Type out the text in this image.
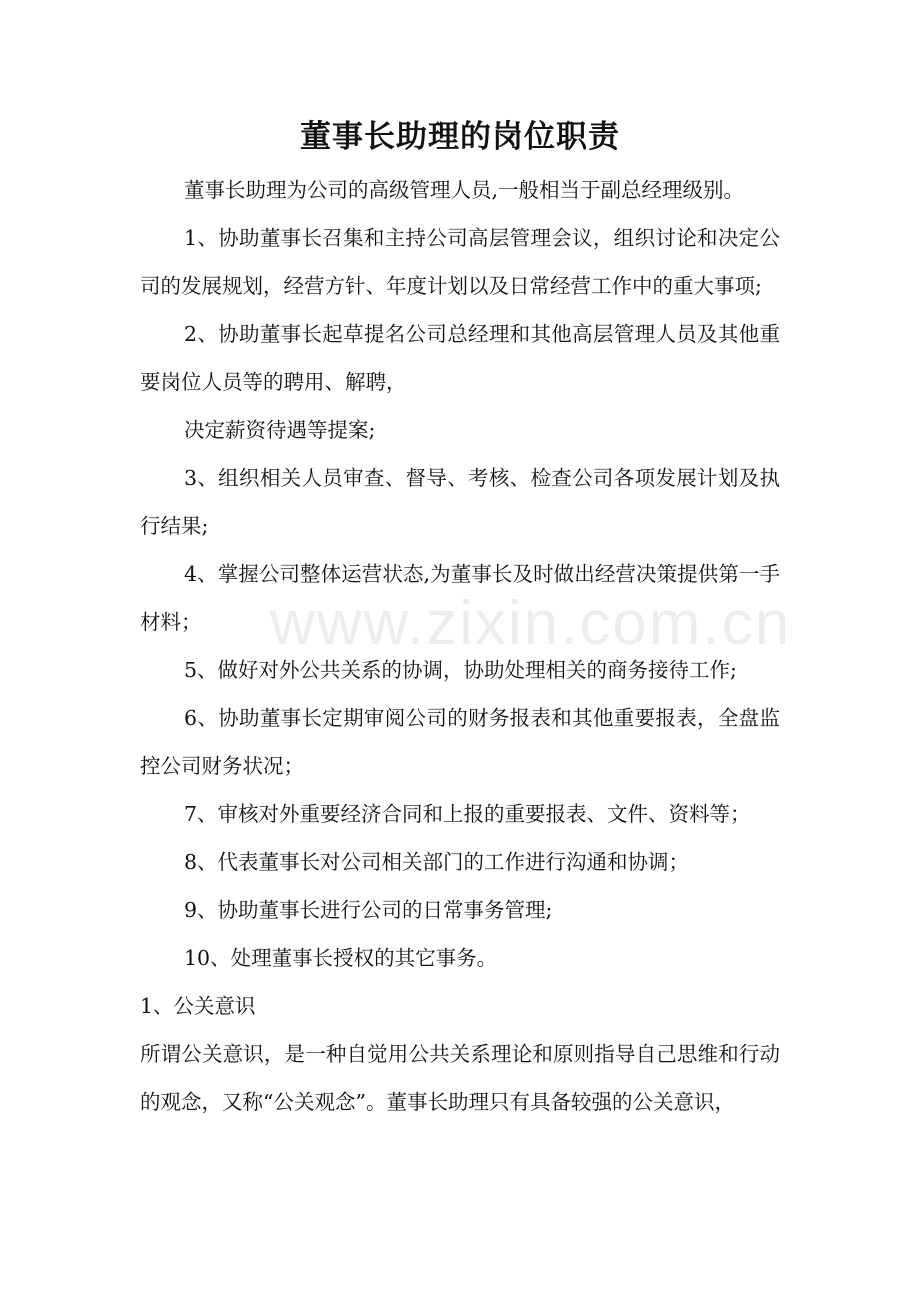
董事长助理的岗位职责

董事长助理为公司的高级管理人员,一般相当于副总经理级别。

1、协助董事长召集和主持公司高层管理会议，组织讨论和决定公司的发展规划，经营方针、年度计划以及日常经营工作中的重大事项;

2、协助董事长起草提名公司总经理和其他高层管理人员及其他重要岗位人员等的聘用、解聘，

决定薪资待遇等提案;

3、组织相关人员审查、督导、考核、检查公司各项发展计划及执行结果;

4、掌握公司整体运营状态,为董事长及时做出经营决策提供第一手材料；

5、做好对外公共关系的协调，协助处理相关的商务接待工作;

6、协助董事长定期审阅公司的财务报表和其他重要报表，全盘监控公司财务状况；

7、审核对外重要经济合同和上报的重要报表、文件、资料等；

8、代表董事长对公司相关部门的工作进行沟通和协调；

9、协助董事长进行公司的日常事务管理;

10、处理董事长授权的其它事务。

1、公关意识

所谓公关意识，是一种自觉用公共关系理论和原则指导自己思维和行动的观念，又称“公关观念”。董事长助理只有具备较强的公关意识，

www.zixin.com.cn
